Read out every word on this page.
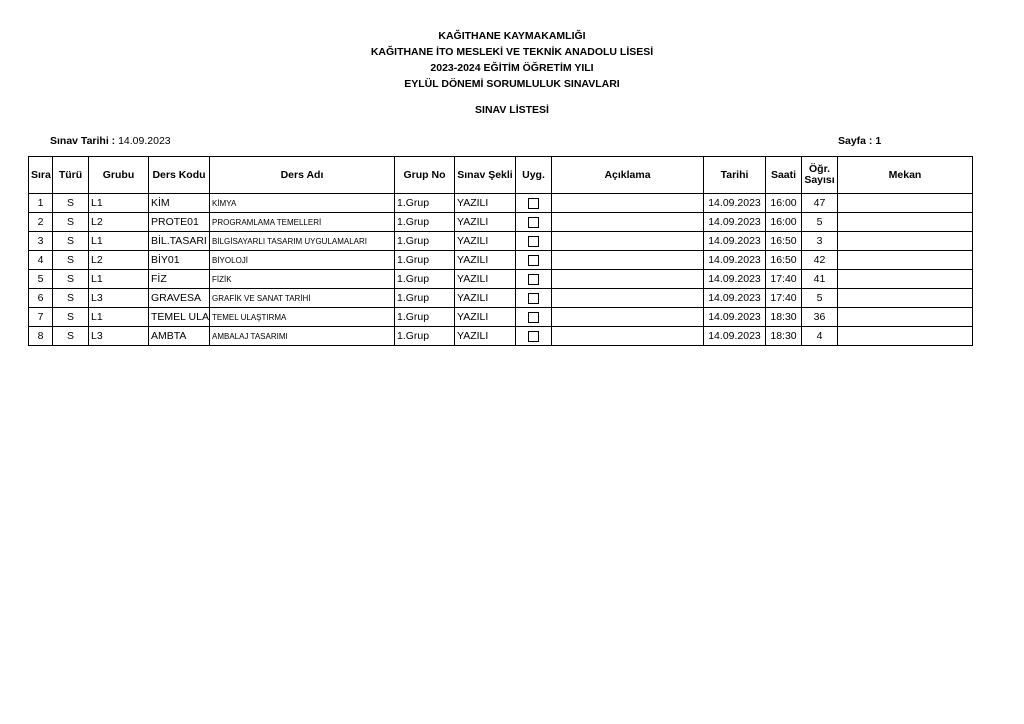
KAĞITHANE KAYMAKAMLIĞI
KAĞITHANE İTO MESLEKİ VE TEKNİK ANADOLU LİSESİ
2023-2024 EĞİTİM ÖĞRETİM YILI
EYLÜL DÖNEMİ SORUMLULUK SINAVLARI
SINAV LİSTESİ
Sınav Tarihi : 14.09.2023	Sayfa : 1
Sıra	Türü	Grubu	Ders Kodu	Ders Adı	Grup No	Sınav Şekli	Uyg.	Açıklama	Tarihi	Saati	Öğr. Sayısı	Mekan
1	S	L1	KİM	KİMYA	1.Grup	YAZILI			14.09.2023	16:00	47	
2	S	L2	PROTE01	PROGRAMLAMA TEMELLERİ	1.Grup	YAZILI			14.09.2023	16:00	5	
3	S	L1	BİL.TASARI	BİLGİSAYARLI TASARIM UYGULAMALARI	1.Grup	YAZILI			14.09.2023	16:50	3	
4	S	L2	BİY01	BİYOLOJİ	1.Grup	YAZILI			14.09.2023	16:50	42	
5	S	L1	FİZ	FİZİK	1.Grup	YAZILI			14.09.2023	17:40	41	
6	S	L3	GRAVESA	GRAFİK VE SANAT TARİHİ	1.Grup	YAZILI			14.09.2023	17:40	5	
7	S	L1	TEMEL ULA	TEMEL ULAŞTIRMA	1.Grup	YAZILI			14.09.2023	18:30	36	
8	S	L3	AMBTA	AMBALAJ TASARIMI	1.Grup	YAZILI			14.09.2023	18:30	4	
